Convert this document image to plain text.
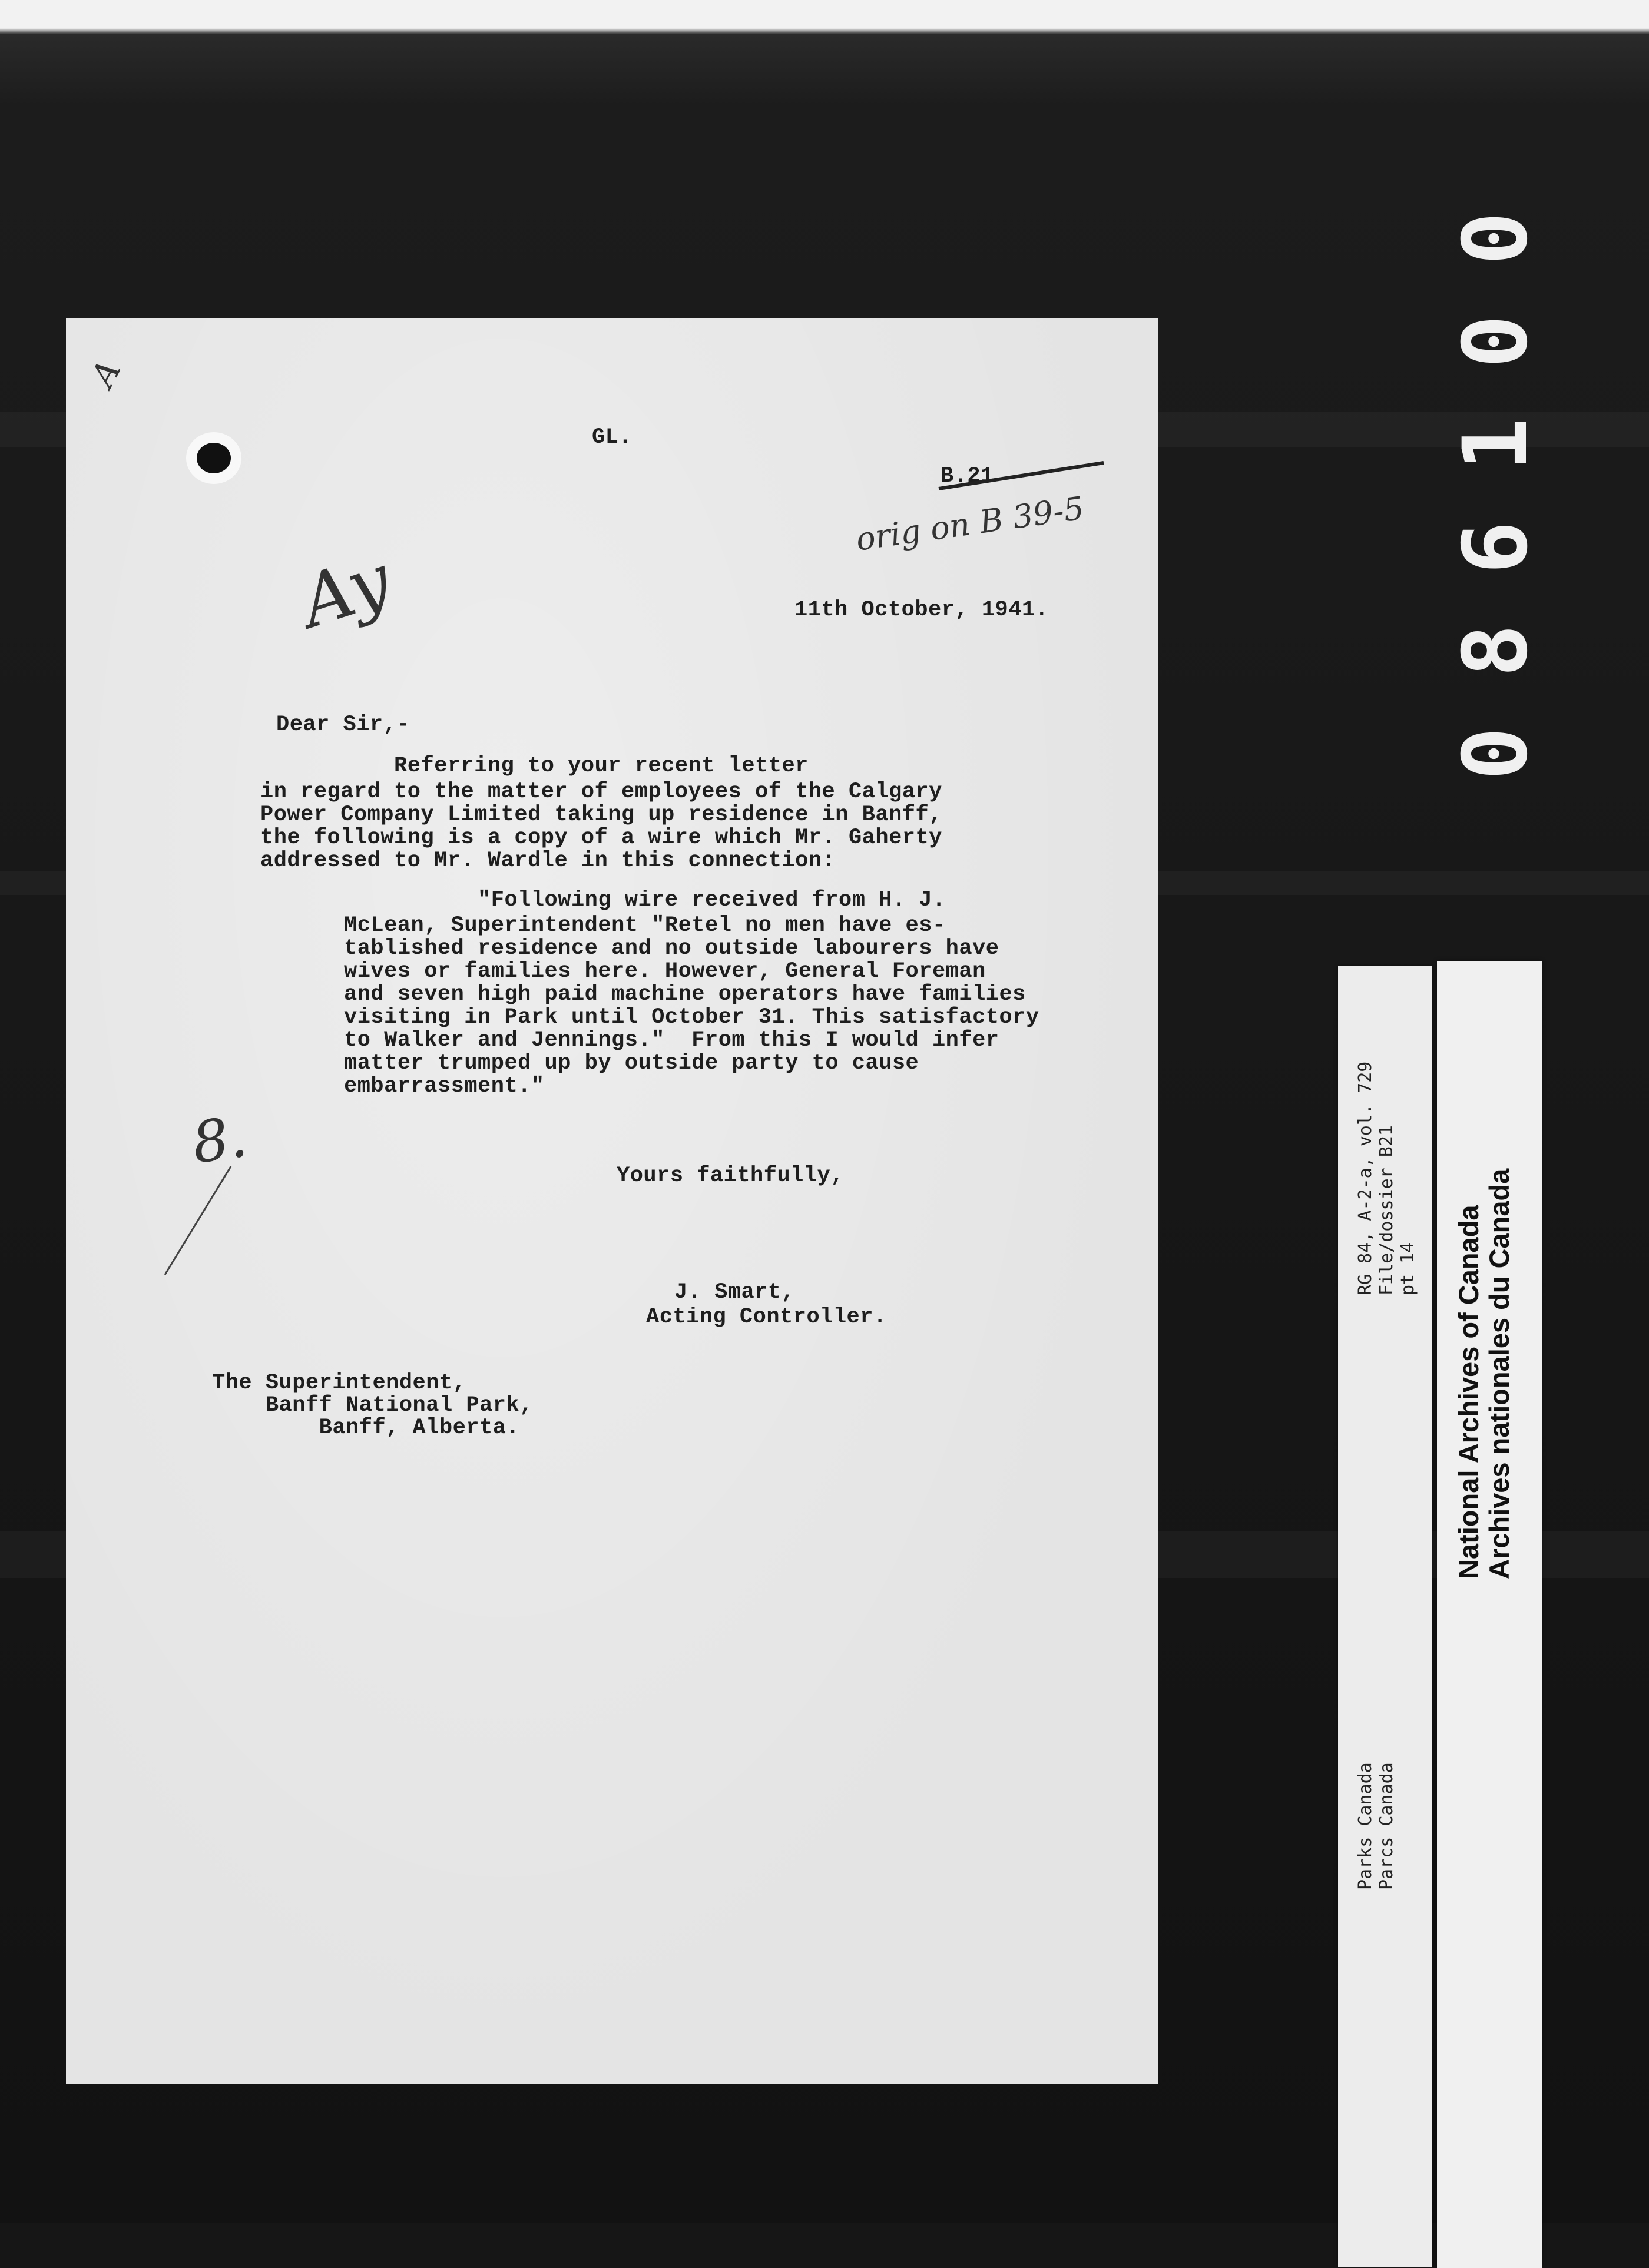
0
0
1
6
8
0
A
GL.
B.21
orig on B 39-5
Ay	11th October, 1941.
Dear Sir,-
Referring to your recent letter
in regard to the matter of employees of the Calgary
Power Company Limited taking up residence in Banff,
the following is a copy of a wire which Mr. Gaherty
addressed to Mr. Wardle in this connection:
"Following wire received from H. J.
McLean, Superintendent "Retel no men have es-
tablished residence and no outside labourers have
wives or families here. However, General Foreman
and seven high paid machine operators have families
visiting in Park until October 31. This satisfactory
to Walker and Jennings."  From this I would infer
matter trumped up by outside party to cause
embarrassment."
8.	Yours faithfully,
J. Smart,
Acting Controller.
The Superintendent,
Banff National Park,
Banff, Alberta.
RG 84, A-2-a, vol. 729 File/dossier B21 pt 14
Parks Canada Parcs Canada
National Archives of Canada Archives nationales du Canada
